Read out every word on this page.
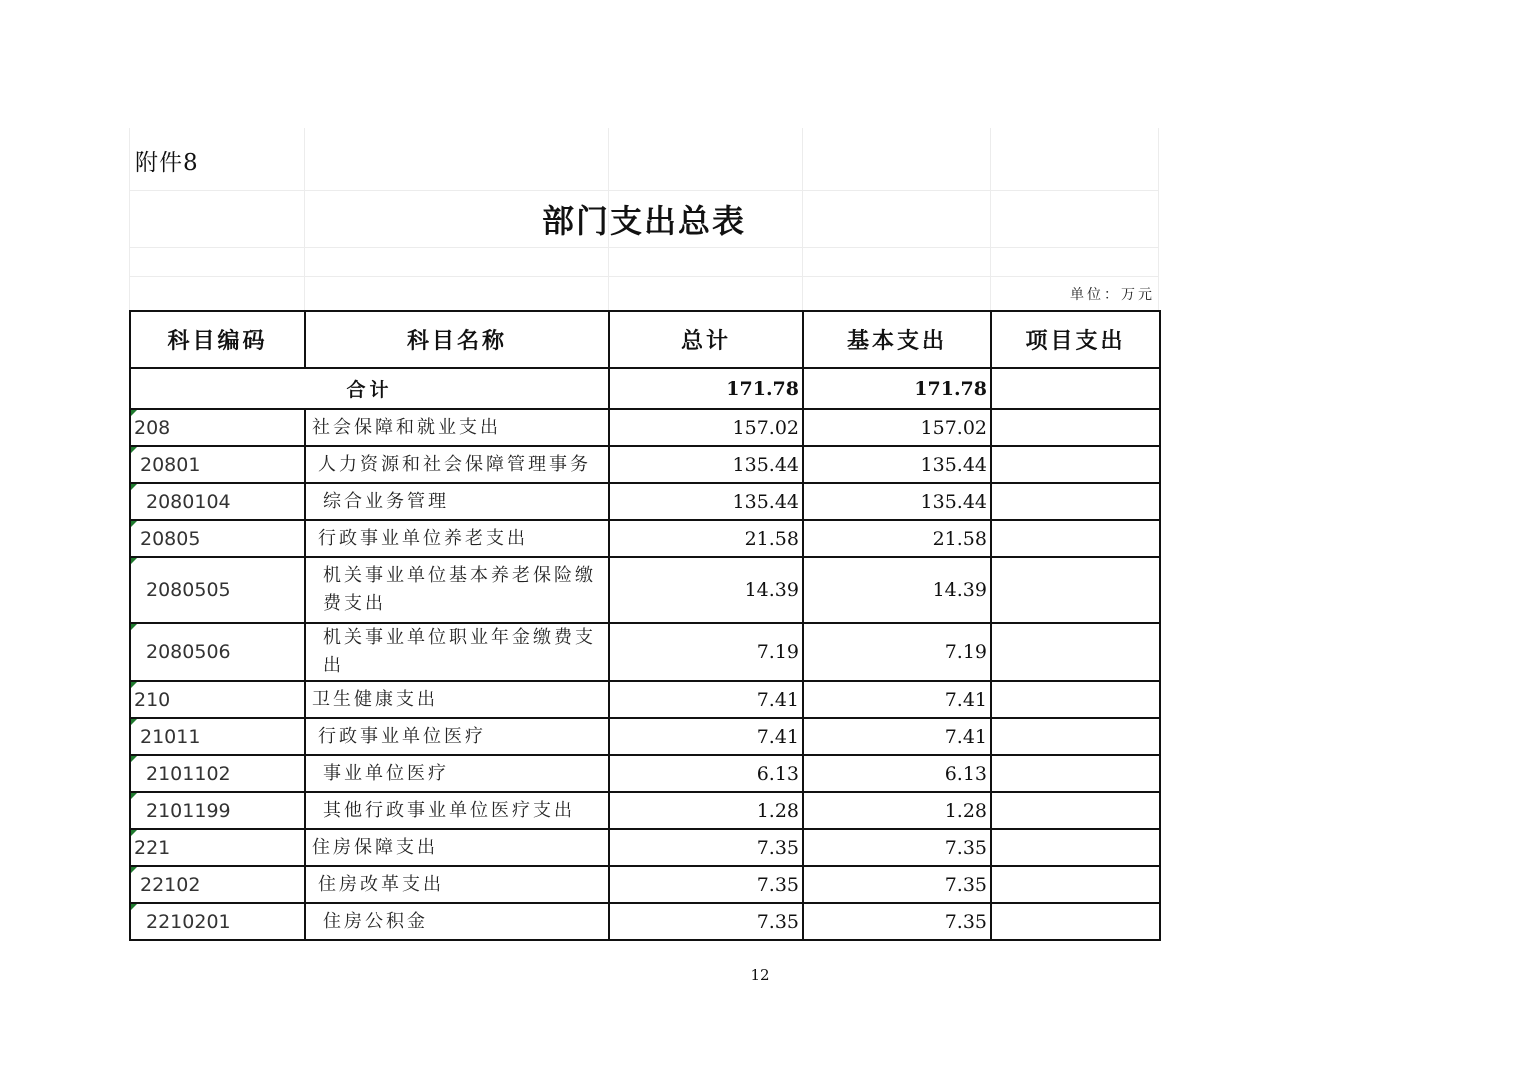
附件8
部门支出总表
单位：万元
科目编码	科目名称	总计	基本支出	项目支出
合计		171.78	171.78	

208	社会保障和就业支出	157.02	157.02	

20801	人力资源和社会保障管理事务	135.44	135.44	

2080104	综合业务管理	135.44	135.44	

20805	行政事业单位养老支出	21.58	21.58	

2080505	机关事业单位基本养老保险缴费支出	14.39	14.39	

2080506	机关事业单位职业年金缴费支出	7.19	7.19	

210	卫生健康支出	7.41	7.41	

21011	行政事业单位医疗	7.41	7.41	

2101102	事业单位医疗	6.13	6.13	

2101199	其他行政事业单位医疗支出	1.28	1.28	

221	住房保障支出	7.35	7.35	

22102	住房改革支出	7.35	7.35	

2210201	住房公积金	7.35	7.35	
12
